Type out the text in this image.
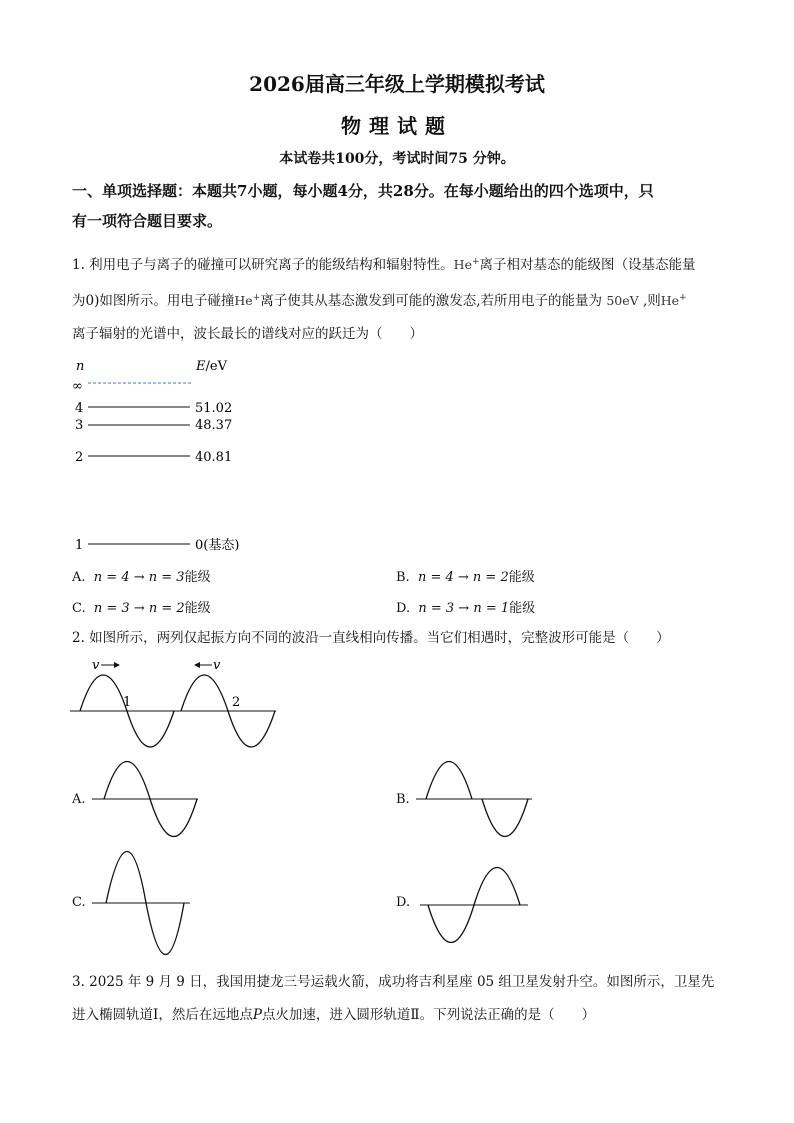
2026届高三年级上学期模拟考试
物理试题
本试卷共100分，考试时间75 分钟。
一、单项选择题：本题共7小题，每小题4分，共28分。在每小题给出的四个选项中，只
有一项符合题目要求。
1. 利用电子与离子的碰撞可以研究离子的能级结构和辐射特性。He+离子相对基态的能级图（设基态能量
为0)如图所示。用电子碰撞He+离子使其从基态激发到可能的激发态,若所用电子的能量为 50eV ,则He+
离子辐射的光谱中，波长最长的谱线对应的跃迁为（　　）
n	E/eV
∞
4	51.02
3	48.37
2	40.81
1	0(基态)
A. n = 4 → n = 3能级	B. n = 4 → n = 2能级
C. n = 3 → n = 2能级	D. n = 3 → n = 1能级
2. 如图所示，两列仅起振方向不同的波沿一直线相向传播。当它们相遇时，完整波形可能是（　　）
v	v
1	2
A.	B.
C.	D.
3. 2025 年 9 月 9 日，我国用捷龙三号运载火箭，成功将吉利星座 05 组卫星发射升空。如图所示，卫星先
进入椭圆轨道Ⅰ，然后在远地点P点火加速，进入圆形轨道Ⅱ。下列说法正确的是（　　）
